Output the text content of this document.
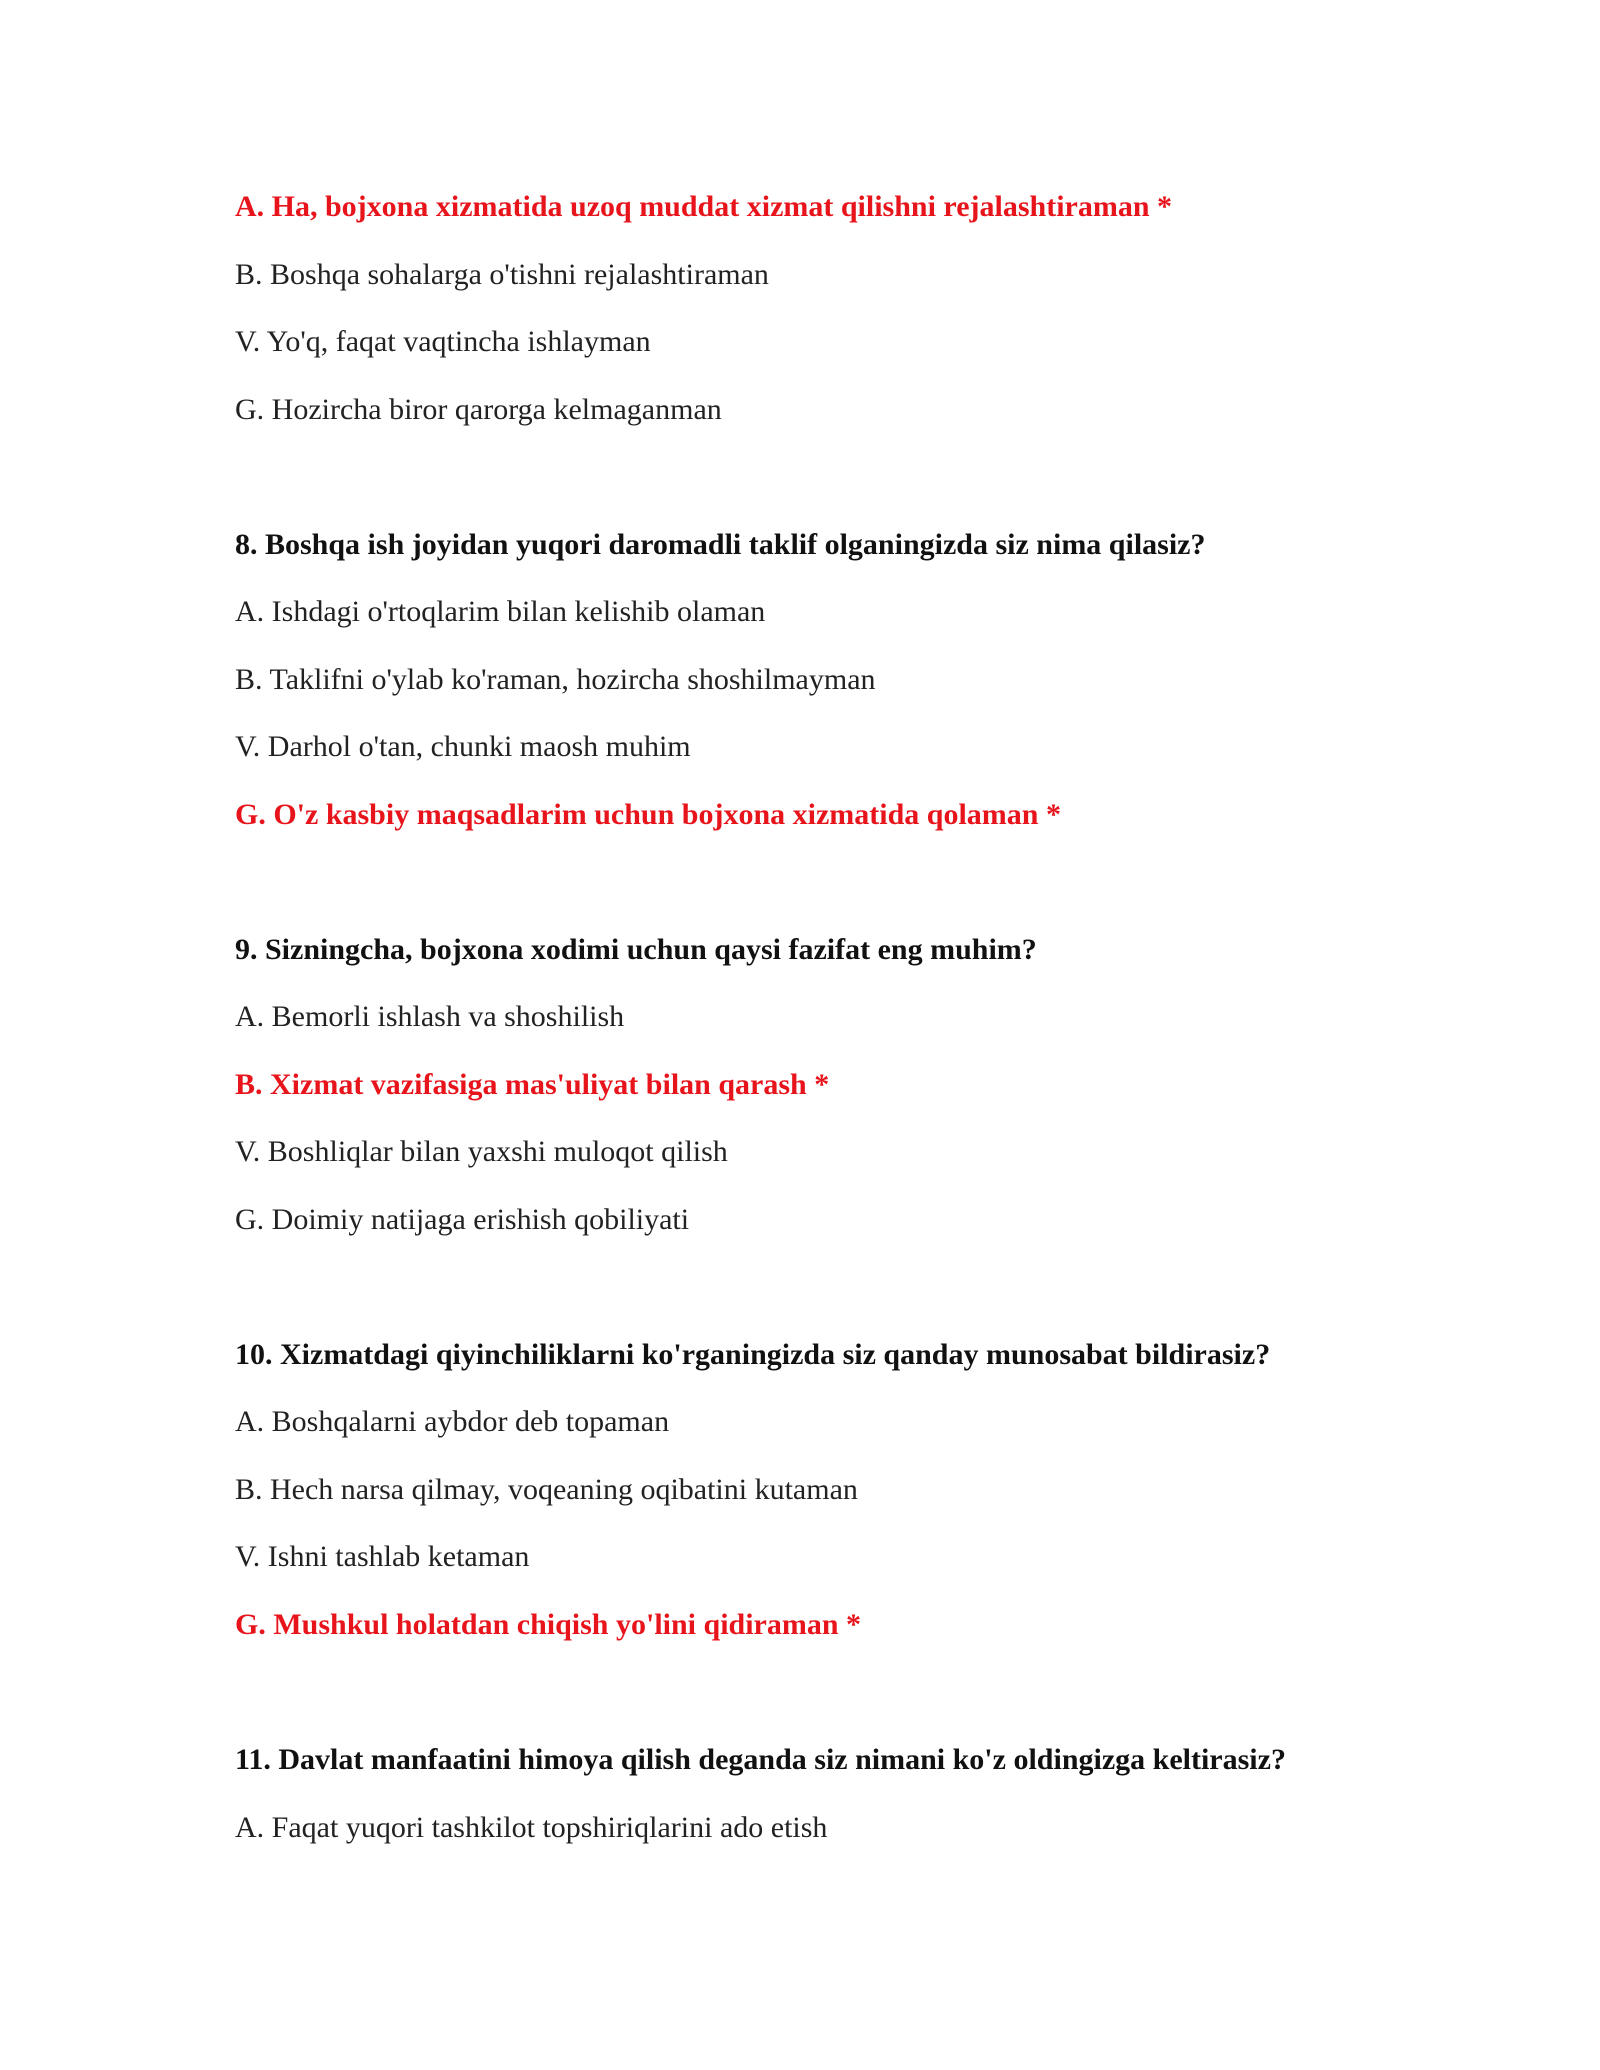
A. Ha, bojxona xizmatida uzoq muddat xizmat qilishni rejalashtiraman *
B. Boshqa sohalarga o'tishni rejalashtiraman
V. Yo'q, faqat vaqtincha ishlayman
G. Hozircha biror qarorga kelmaganman
8. Boshqa ish joyidan yuqori daromadli taklif olganingizda siz nima qilasiz?
A. Ishdagi o'rtoqlarim bilan kelishib olaman
B. Taklifni o'ylab ko'raman, hozircha shoshilmayman
V. Darhol o'tan, chunki maosh muhim
G. O'z kasbiy maqsadlarim uchun bojxona xizmatida qolaman *
9. Sizningcha, bojxona xodimi uchun qaysi fazifat eng muhim?
A. Bemorli ishlash va shoshilish
B. Xizmat vazifasiga mas'uliyat bilan qarash *
V. Boshliqlar bilan yaxshi muloqot qilish
G. Doimiy natijaga erishish qobiliyati
10. Xizmatdagi qiyinchiliklarni ko'rganingizda siz qanday munosabat bildirasiz?
A. Boshqalarni aybdor deb topaman
B. Hech narsa qilmay, voqeaning oqibatini kutaman
V. Ishni tashlab ketaman
G. Mushkul holatdan chiqish yo'lini qidiraman *
11. Davlat manfaatini himoya qilish deganda siz nimani ko'z oldingizga keltirasiz?
A. Faqat yuqori tashkilot topshiriqlarini ado etish
